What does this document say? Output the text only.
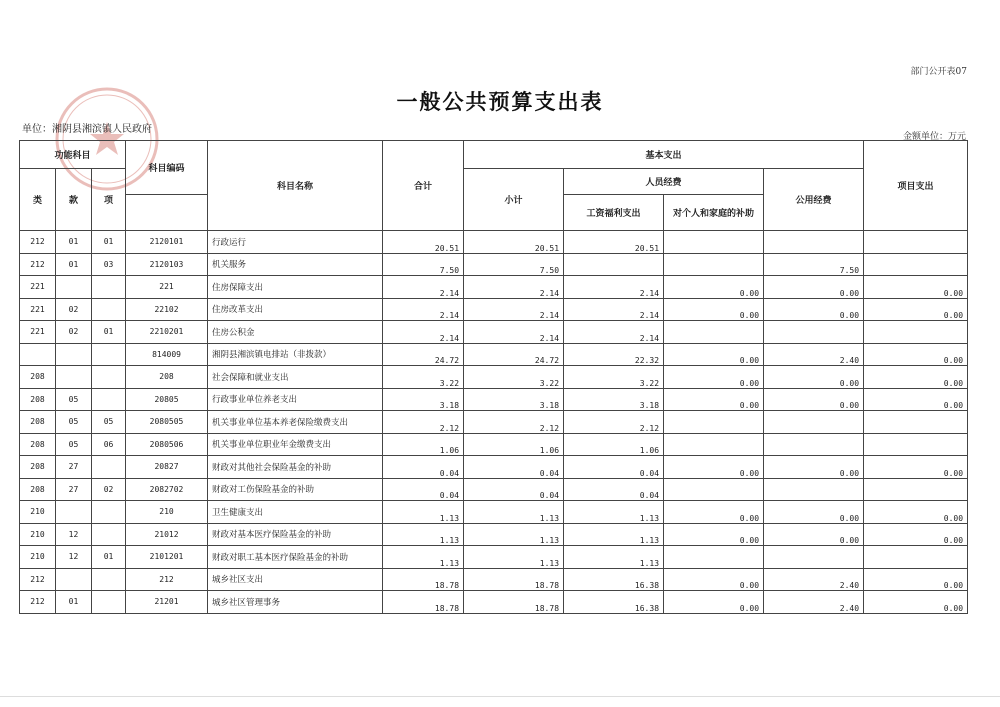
部门公开表07
一般公共预算支出表
单位：湘阴县湘滨镇人民政府
金额单位：万元
功能科目			科目编码	科目名称	合计	基本支出				项目支出
类	款	项				小计	人员经费		公用经费	
							工资福利支出	对个人和家庭的补助		
212	01	01	2120101	行政运行	20.51	20.51	20.51			
212	01	03	2120103	机关服务	7.50	7.50			7.50	
221			221	住房保障支出	2.14	2.14	2.14	0.00	0.00	0.00
221	02		22102	住房改革支出	2.14	2.14	2.14	0.00	0.00	0.00
221	02	01	2210201	住房公积金	2.14	2.14	2.14			
			814009	湘阴县湘滨镇电排站（非拨款）	24.72	24.72	22.32	0.00	2.40	0.00
208			208	社会保障和就业支出	3.22	3.22	3.22	0.00	0.00	0.00
208	05		20805	行政事业单位养老支出	3.18	3.18	3.18	0.00	0.00	0.00
208	05	05	2080505	机关事业单位基本养老保险缴费支出	2.12	2.12	2.12			
208	05	06	2080506	机关事业单位职业年金缴费支出	1.06	1.06	1.06			
208	27		20827	财政对其他社会保险基金的补助	0.04	0.04	0.04	0.00	0.00	0.00
208	27	02	2082702	财政对工伤保险基金的补助	0.04	0.04	0.04			
210			210	卫生健康支出	1.13	1.13	1.13	0.00	0.00	0.00
210	12		21012	财政对基本医疗保险基金的补助	1.13	1.13	1.13	0.00	0.00	0.00
210	12	01	2101201	财政对职工基本医疗保险基金的补助	1.13	1.13	1.13			
212			212	城乡社区支出	18.78	18.78	16.38	0.00	2.40	0.00
212	01		21201	城乡社区管理事务	18.78	18.78	16.38	0.00	2.40	0.00
